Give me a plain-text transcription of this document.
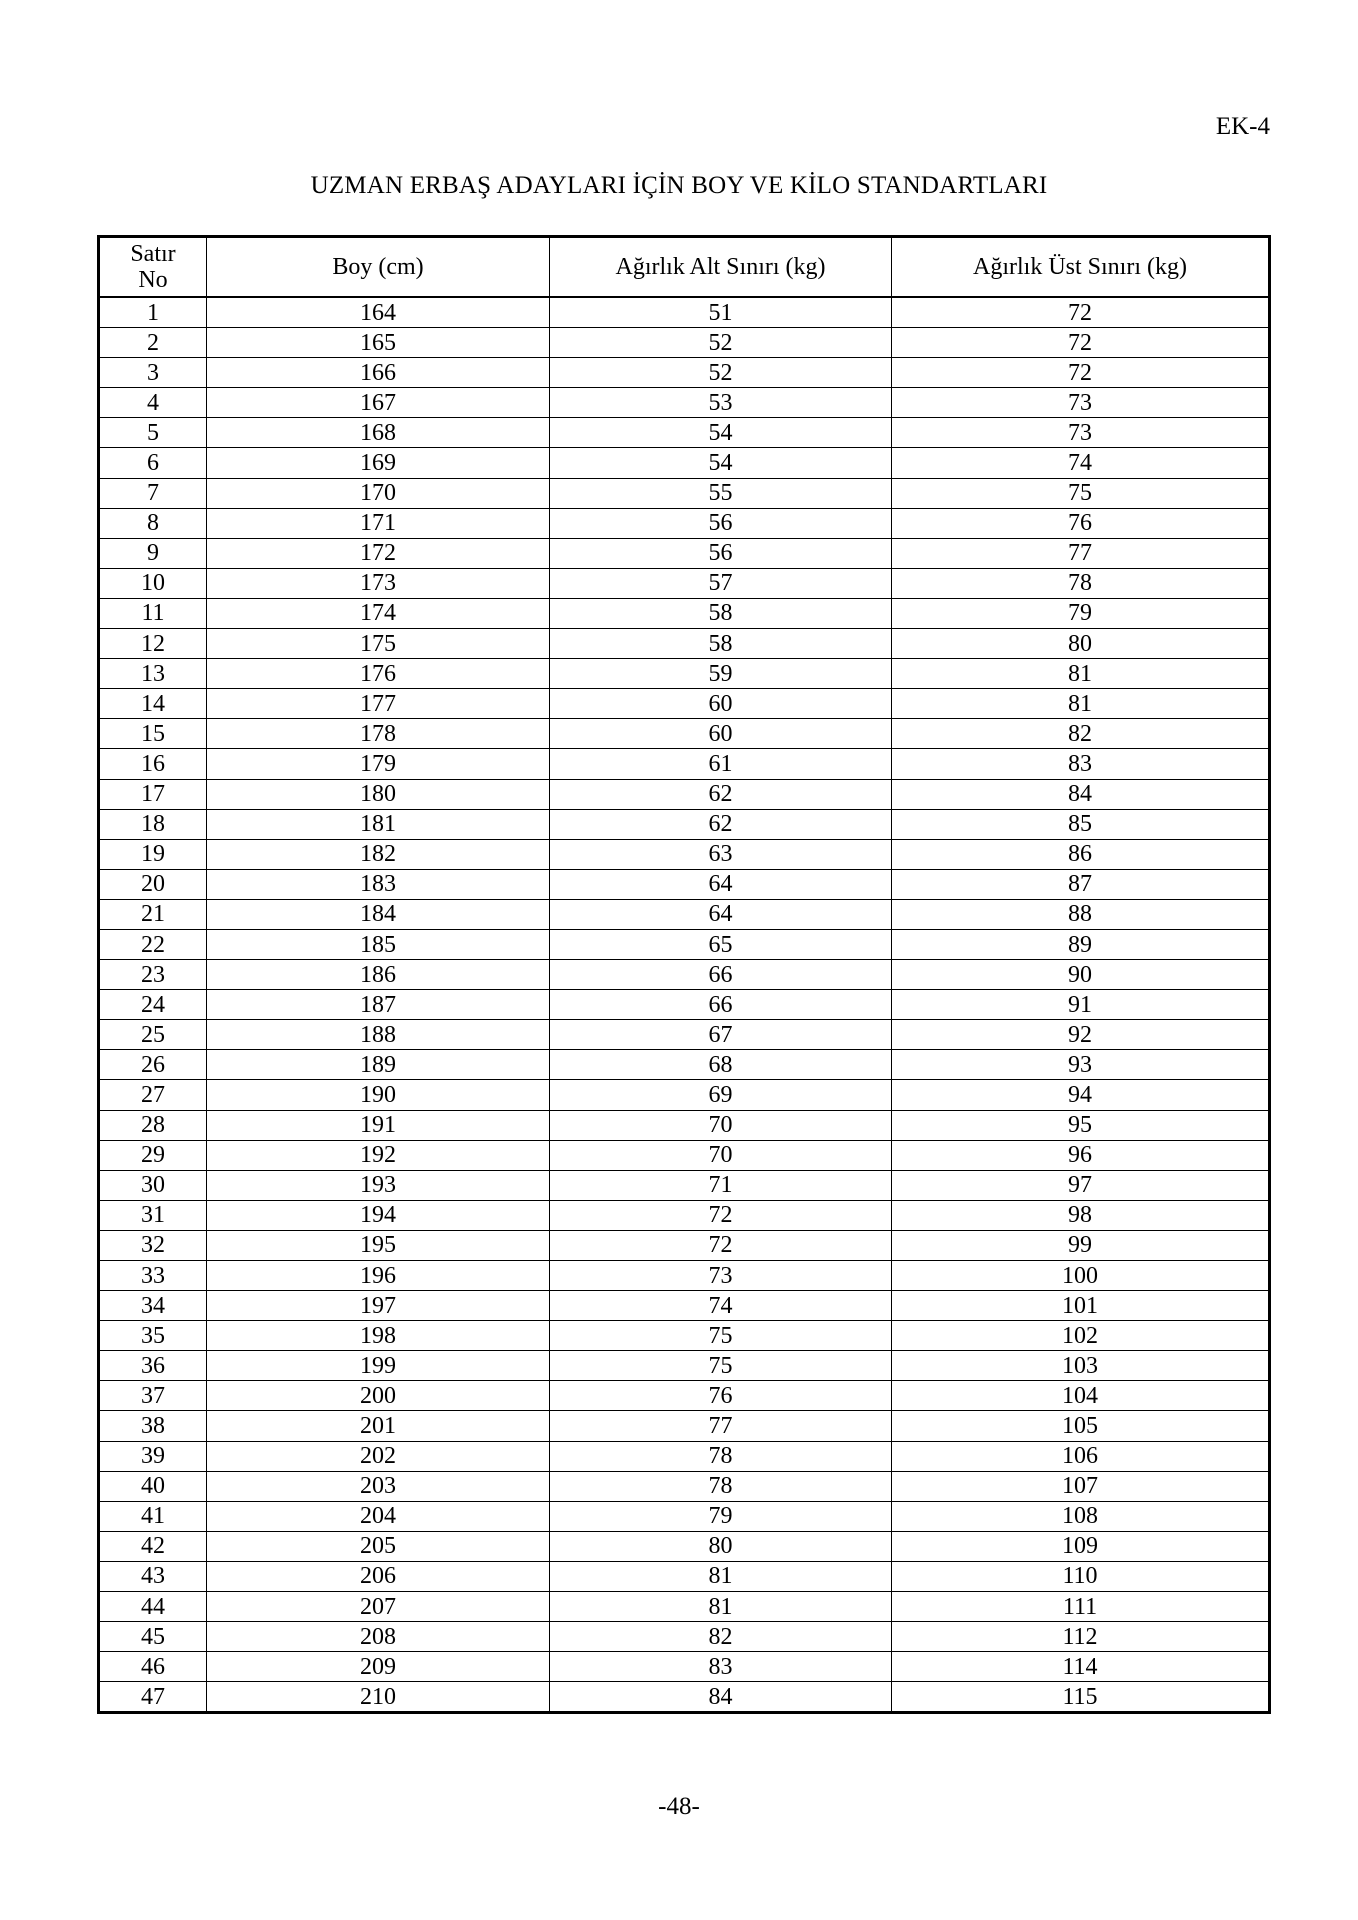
EK-4
UZMAN ERBAŞ ADAYLARI İÇİN BOY VE KİLO STANDARTLARI
Satır
No	Boy (cm)	Ağırlık Alt Sınırı (kg)	Ağırlık Üst Sınırı (kg)
1	164	51	72
2	165	52	72
3	166	52	72
4	167	53	73
5	168	54	73
6	169	54	74
7	170	55	75
8	171	56	76
9	172	56	77
10	173	57	78
11	174	58	79
12	175	58	80
13	176	59	81
14	177	60	81
15	178	60	82
16	179	61	83
17	180	62	84
18	181	62	85
19	182	63	86
20	183	64	87
21	184	64	88
22	185	65	89
23	186	66	90
24	187	66	91
25	188	67	92
26	189	68	93
27	190	69	94
28	191	70	95
29	192	70	96
30	193	71	97
31	194	72	98
32	195	72	99
33	196	73	100
34	197	74	101
35	198	75	102
36	199	75	103
37	200	76	104
38	201	77	105
39	202	78	106
40	203	78	107
41	204	79	108
42	205	80	109
43	206	81	110
44	207	81	111
45	208	82	112
46	209	83	114
47	210	84	115
-48-
